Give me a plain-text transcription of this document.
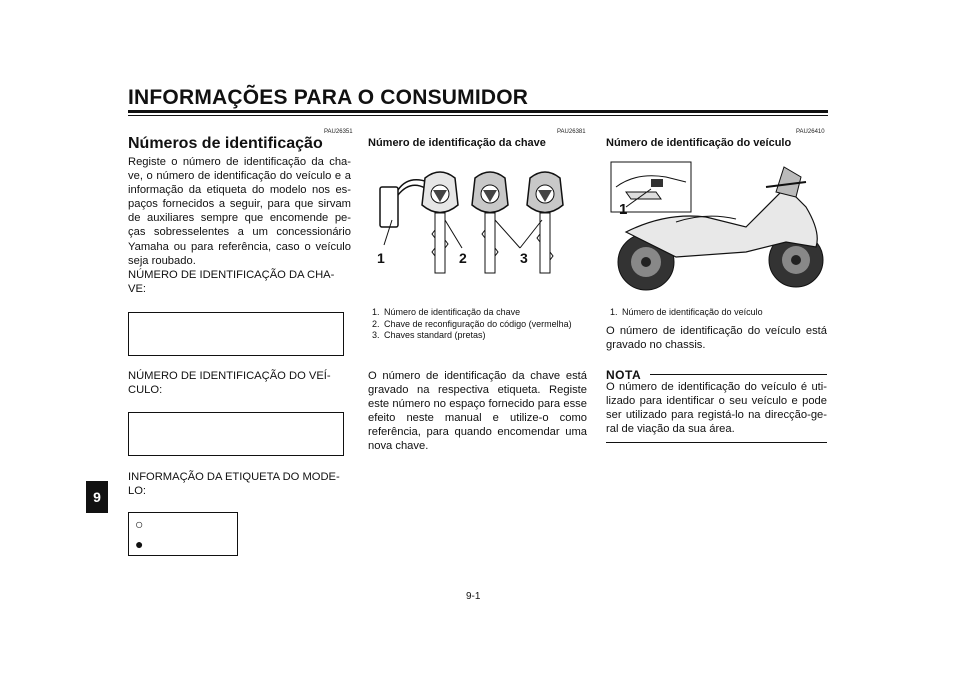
INFORMAÇÕES PARA O CONSUMIDOR
9
PAU26351
Números de identificação
Registe o número de identificação da cha-ve, o número de identificação do veículo e a informação da etiqueta do modelo nos es-paços fornecidos a seguir, para que sirvam de auxiliares sempre que encomende pe-ças sobresselentes a um concessionário Yamaha ou para referência, caso o veículo seja roubado.
NÚMERO DE IDENTIFICAÇÃO DA CHA-VE:
NÚMERO DE IDENTIFICAÇÃO DO VEÍ-CULO:
INFORMAÇÃO DA ETIQUETA DO MODE-LO:
○
●
PAU26381
Número de identificação da chave
1	2	3
1. Número de identificação da chave
2. Chave de reconfiguração do código (vermelha)
3. Chaves standard (pretas)
O número de identificação da chave está gravado na respectiva etiqueta. Registe este número no espaço fornecido para esse efeito neste manual e utilize-o como referência, para quando encomendar uma nova chave.
PAU26410
Número de identificação do veículo
1
1. Número de identificação do veículo
O número de identificação do veículo está gravado no chassis.
NOTA
O número de identificação do veículo é uti-lizado para identificar o seu veículo e pode ser utilizado para registá-lo na direcção-ge-ral de viação da sua área.
9-1
